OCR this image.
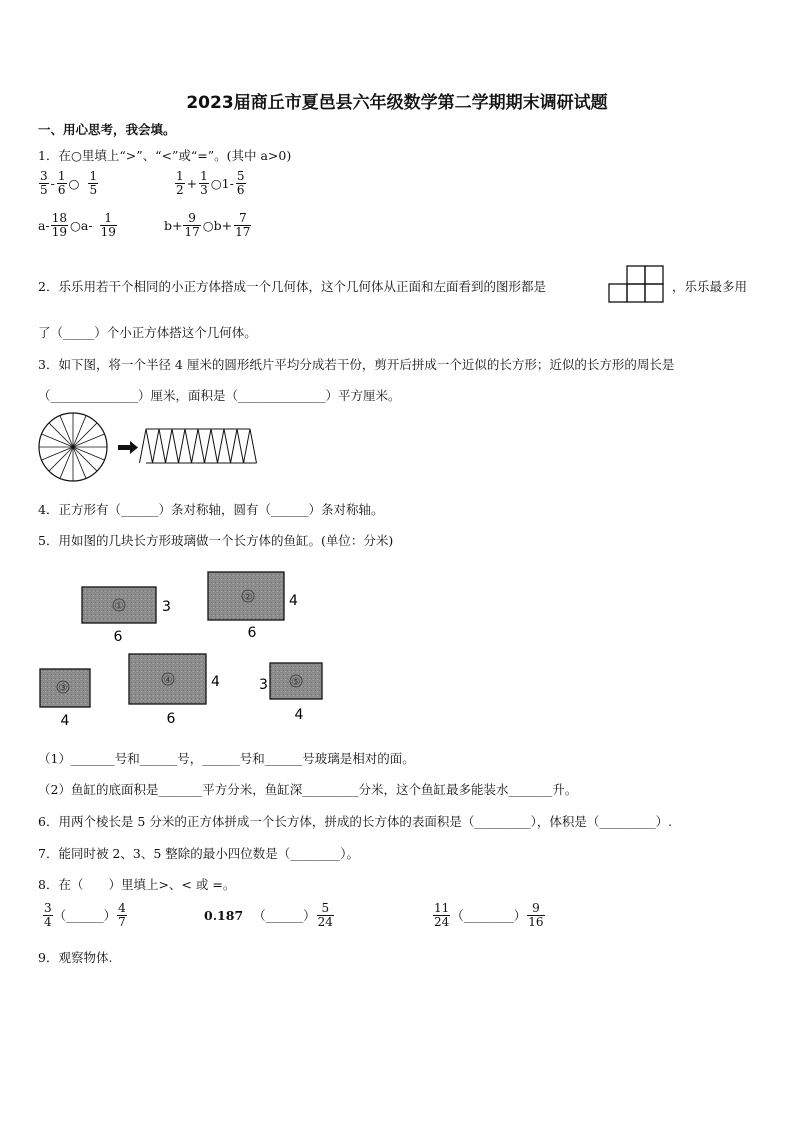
2023届商丘市夏邑县六年级数学第二学期期末调研试题
一、用心思考，我会填。
1．在○里填上“>”、“<”或“=”。(其中 a>0)
$\frac{3}{5} - \frac{1}{6}$ ○ $\frac{1}{5}$	$\frac{1}{2} + \frac{1}{3}$ ○1- $\frac{5}{6}$
$a- \frac{18}{19}$ ○a- $\frac{1}{19}$	$b+ \frac{9}{17}$ ○b+ $\frac{7}{17}$
2．乐乐用若干个相同的小正方体搭成一个几何体，这个几何体从正面和左面看到的图形都是	，乐乐最多用
了（_____）个小正方体搭这个几何体。
3．如下图，将一个半径 4 厘米的圆形纸片平均分成若干份，剪开后拼成一个近似的长方形；近似的长方形的周长是
（______________）厘米，面积是（______________）平方厘米。
4．正方形有（______）条对称轴，圆有（______）条对称轴。
5．用如图的几块长方形玻璃做一个长方体的鱼缸。(单位：分米)
①	3
6
②	4
6
③
4
④	4
6
⑤
3
4
（1）_______号和______号，______号和______号玻璃是相对的面。
（2）鱼缸的底面积是_______平方分米，鱼缸深_________分米，这个鱼缸最多能装水_______升。
6．用两个棱长是 5 分米的正方体拼成一个长方体，拼成的长方体的表面积是（_________），体积是（_________）.
7．能同时被 2、3、5 整除的最小四位数是（________）。
8．在（　　）里填上>、< 或 =。
$\frac{3}{4}$ （______） $\frac{4}{7}$	0.187 （______） $\frac{5}{24}$	$\frac{11}{24}$ （________） $\frac{9}{16}$
9．观察物体.
